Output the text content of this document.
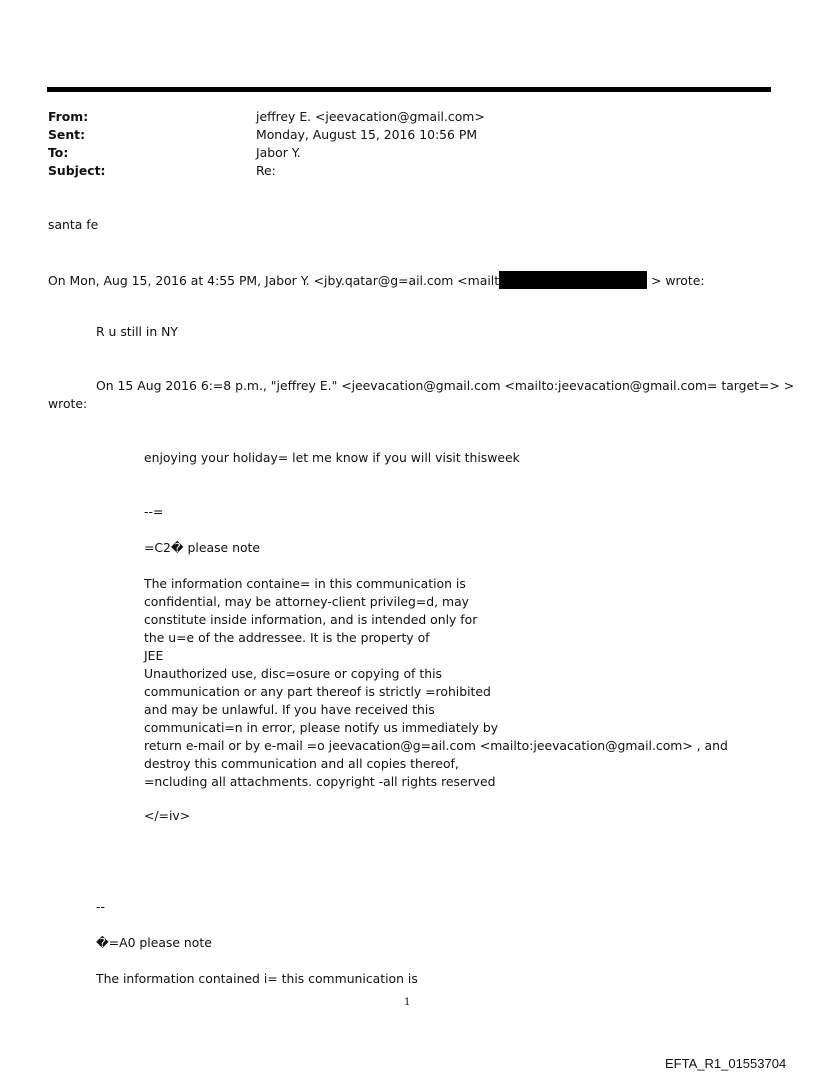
From:	jeffrey E. <jeevacation@gmail.com>
Sent:	Monday, August 15, 2016 10:56 PM
To:	Jabor Y.
Subject:	Re:
santa fe
On Mon, Aug 15, 2016 at 4:55 PM, Jabor Y. <jby.qatar@g=ail.com <mailt	> wrote:
R u still in NY
On 15 Aug 2016 6:=8 p.m., "jeffrey E." <jeevacation@gmail.com <mailto:jeevacation@gmail.com= target=> >
wrote:
enjoying your holiday= let me know if you will visit thisweek
--=
=C2� please note
The information containe= in this communication is
confidential, may be attorney-client privileg=d, may
constitute inside information, and is intended only for
the u=e of the addressee. It is the property of
JEE
Unauthorized use, disc=osure or copying of this
communication or any part thereof is strictly =rohibited
and may be unlawful. If you have received this
communicati=n in error, please notify us immediately by
return e-mail or by e-mail =o jeevacation@g=ail.com <mailto:jeevacation@gmail.com> , and
destroy this communication and all copies thereof,
=ncluding all attachments. copyright -all rights reserved
</=iv>
--
�=A0 please note
The information contained i= this communication is
1
EFTA_R1_01553704
